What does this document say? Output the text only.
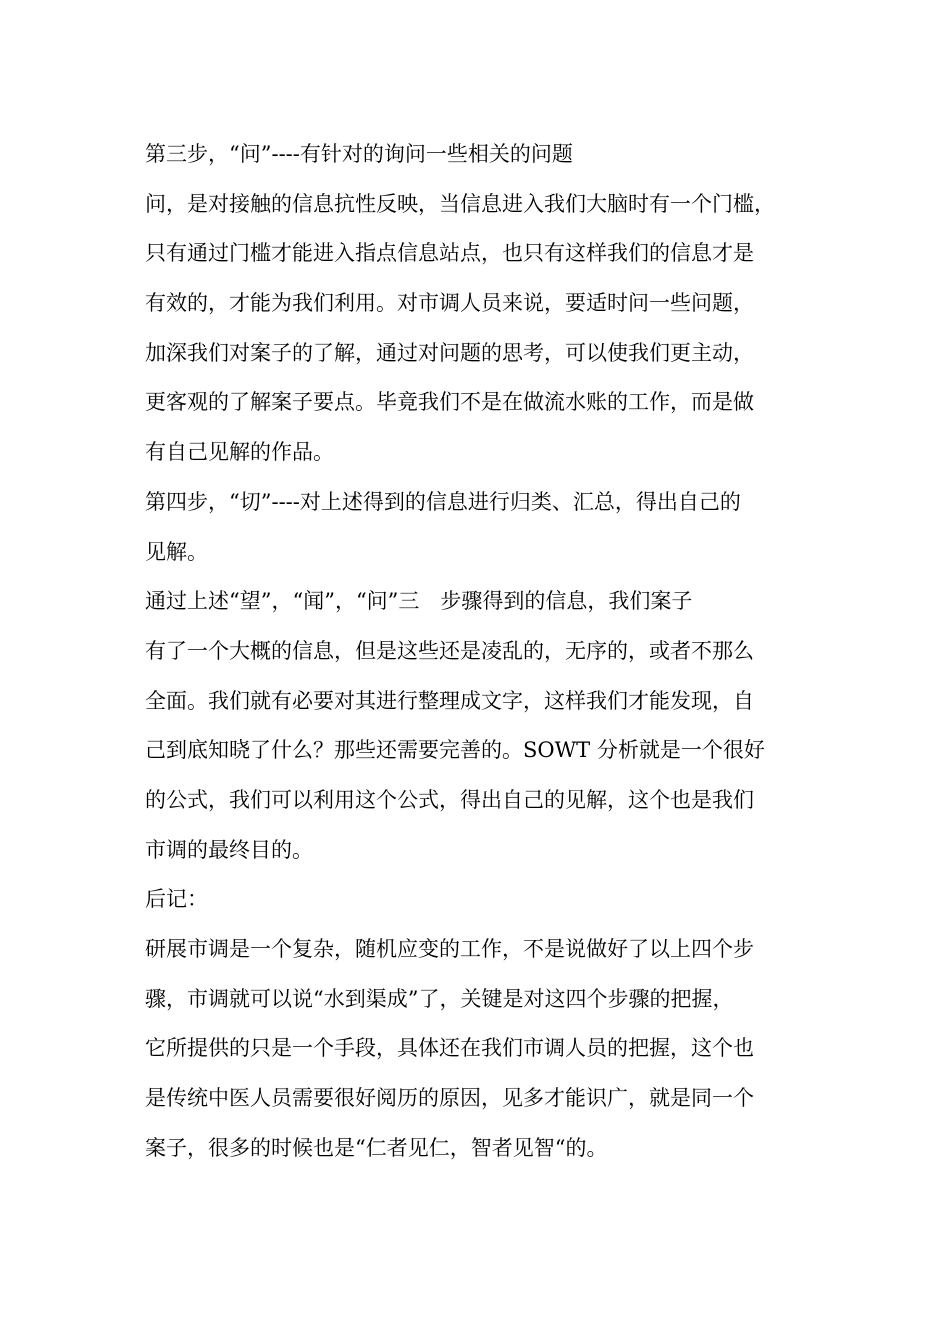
第三步，“问”----有针对的询问一些相关的问题
问，是对接触的信息抗性反映，当信息进入我们大脑时有一个门槛，
只有通过门槛才能进入指点信息站点，也只有这样我们的信息才是
有效的，才能为我们利用。对市调人员来说，要适时问一些问题，
加深我们对案子的了解，通过对问题的思考，可以使我们更主动，
更客观的了解案子要点。毕竟我们不是在做流水账的工作，而是做
有自己见解的作品。
第四步，“切”----对上述得到的信息进行归类、汇总，得出自己的
见解。
通过上述“望”，“闻”，“问”三　步骤得到的信息，我们案子
有了一个大概的信息，但是这些还是凌乱的，无序的，或者不那么
全面。我们就有必要对其进行整理成文字，这样我们才能发现，自
己到底知晓了什么？那些还需要完善的。SOWT 分析就是一个很好
的公式，我们可以利用这个公式，得出自己的见解，这个也是我们
市调的最终目的。
后记：
研展市调是一个复杂，随机应变的工作，不是说做好了以上四个步
骤，市调就可以说“水到渠成”了，关键是对这四个步骤的把握，
它所提供的只是一个手段，具体还在我们市调人员的把握，这个也
是传统中医人员需要很好阅历的原因，见多才能识广，就是同一个
案子，很多的时候也是“仁者见仁，智者见智“的。
